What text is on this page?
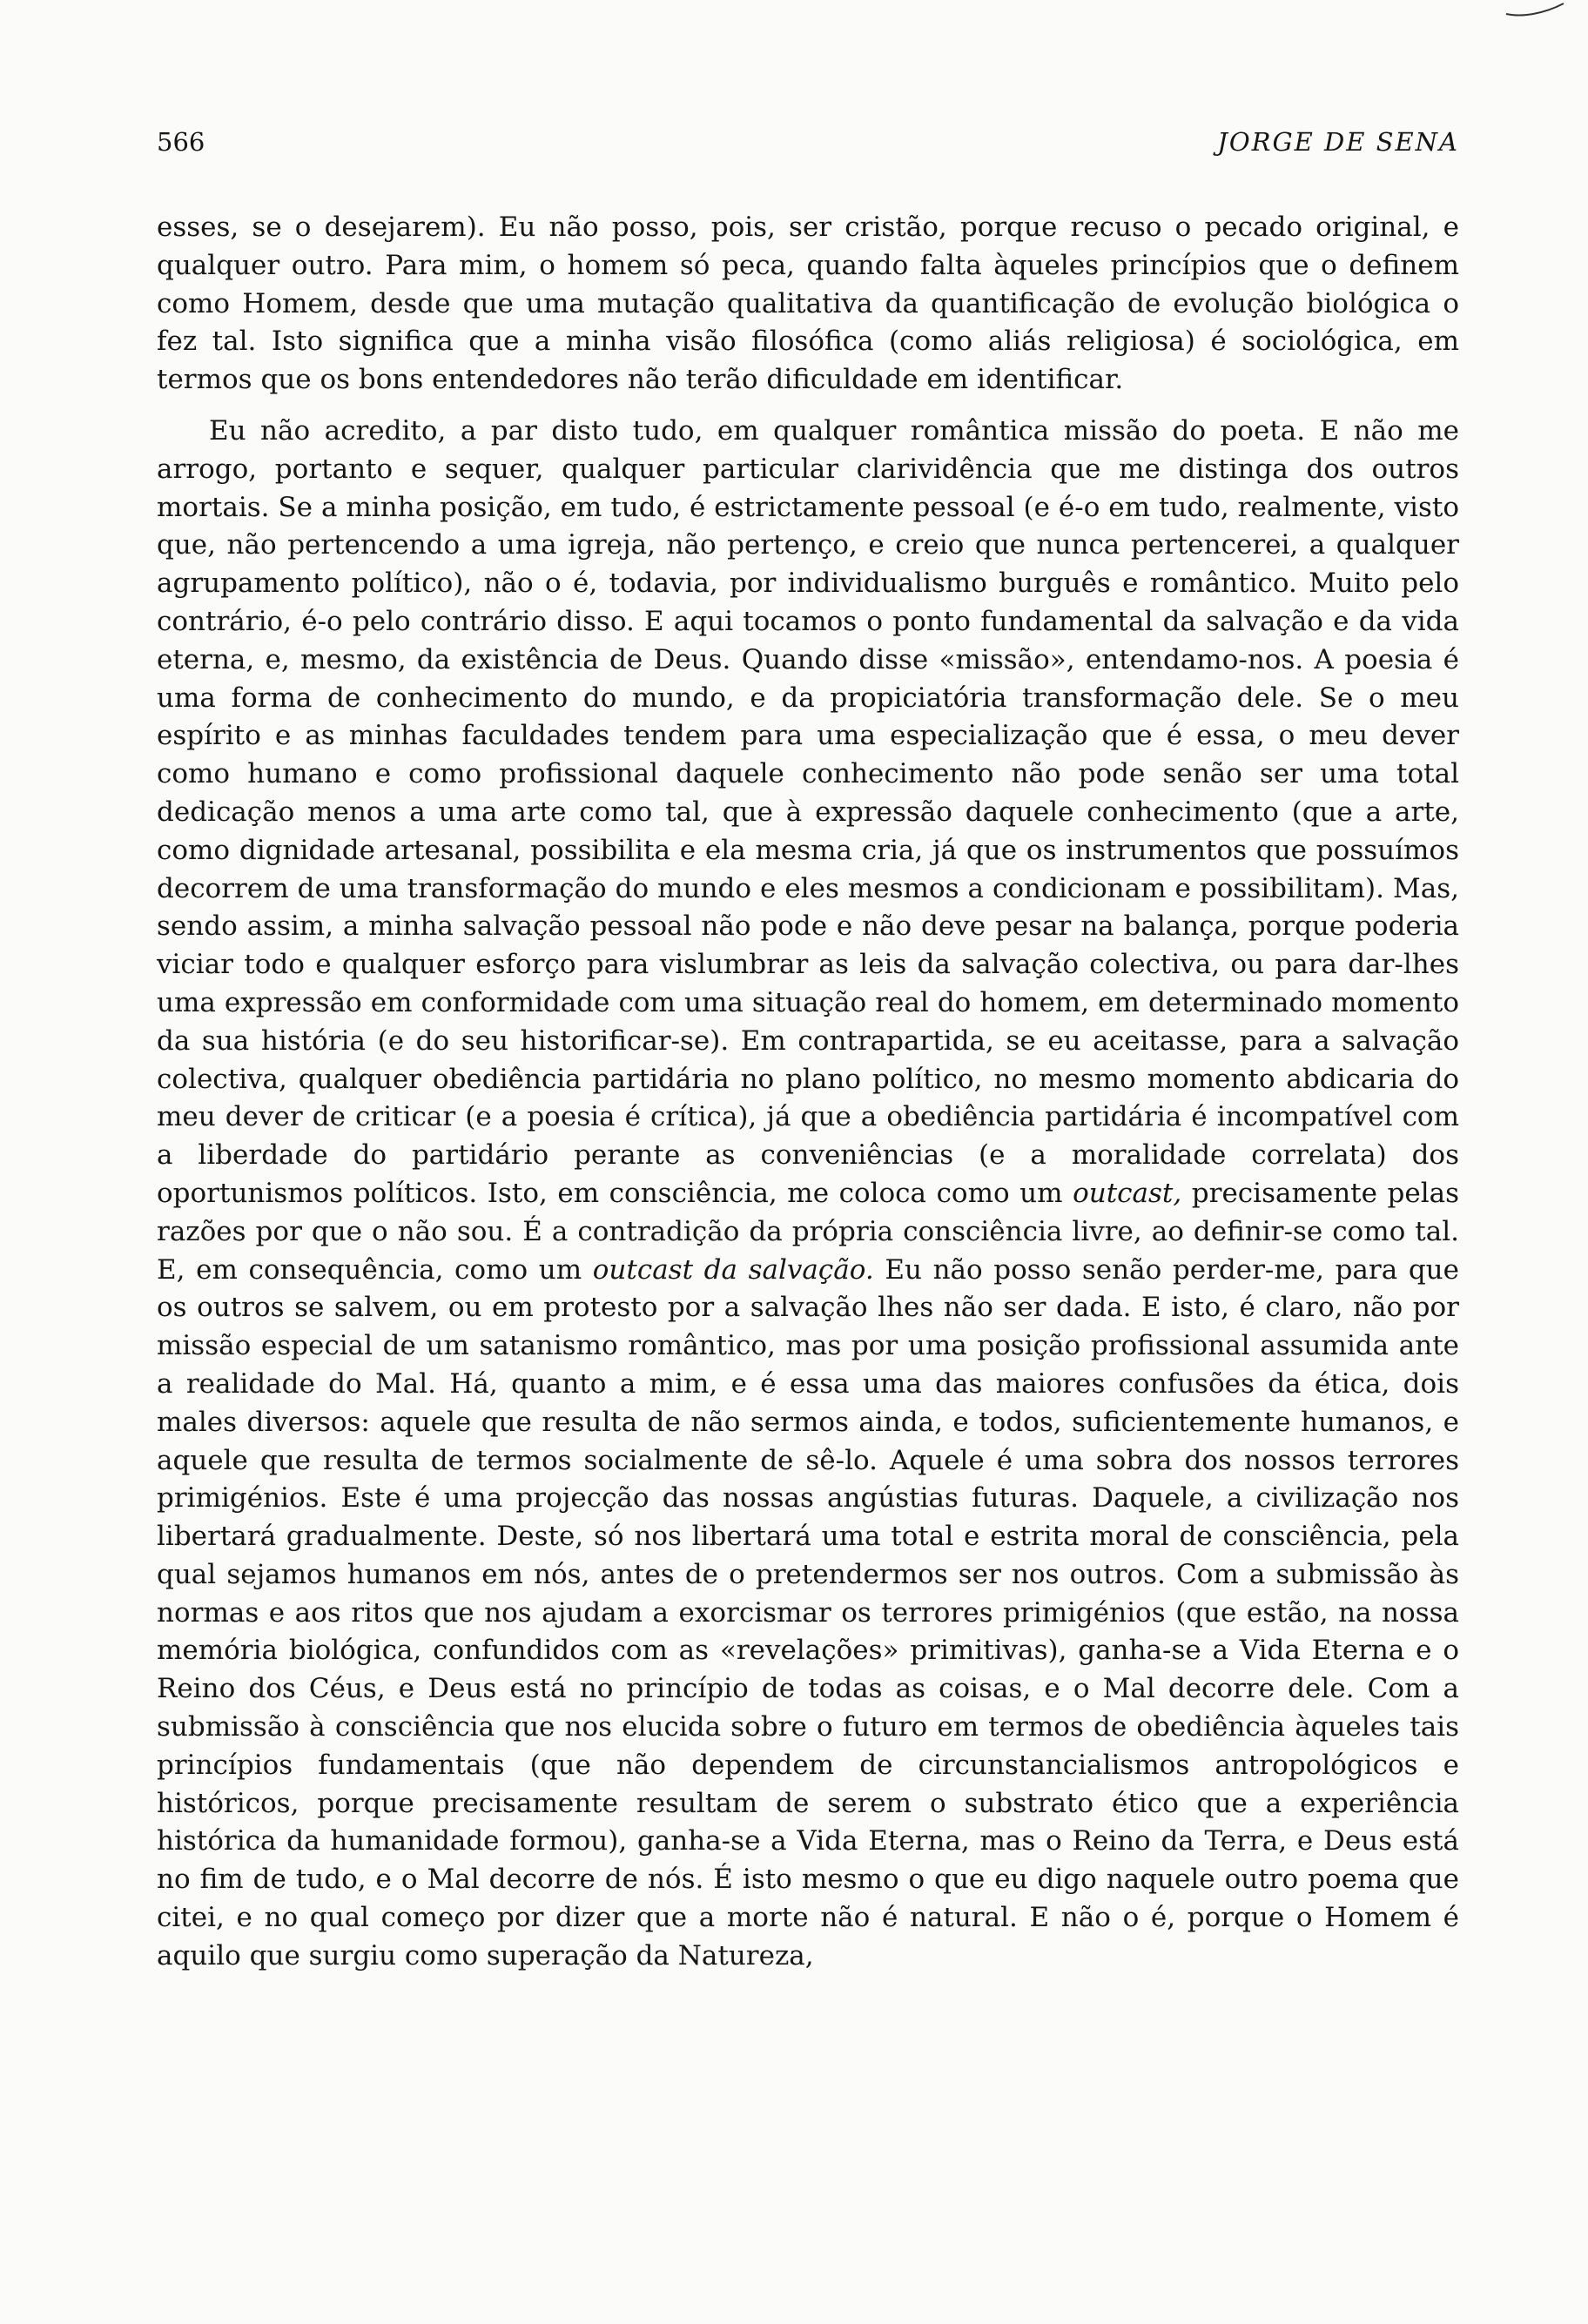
566	JORGE DE SENA

esses, se o desejarem). Eu não posso, pois, ser cristão, porque recuso o pecado original, e qualquer outro. Para mim, o homem só peca, quando falta àqueles princípios que o definem como Homem, desde que uma mutação qualitativa da quantificação de evolução biológica o fez tal. Isto significa que a minha visão filosófica (como aliás religiosa) é sociológica, em termos que os bons entendedores não terão dificuldade em identificar.

Eu não acredito, a par disto tudo, em qualquer romântica missão do poeta. E não me arrogo, portanto e sequer, qualquer particular clarividência que me distinga dos outros mortais. Se a minha posição, em tudo, é estrictamente pessoal (e é-o em tudo, realmente, visto que, não pertencendo a uma igreja, não pertenço, e creio que nunca pertencerei, a qualquer agrupamento político), não o é, todavia, por individualismo burguês e romântico. Muito pelo contrário, é-o pelo contrário disso. E aqui tocamos o ponto fundamental da salvação e da vida eterna, e, mesmo, da existência de Deus. Quando disse «missão», entendamo-nos. A poesia é uma forma de conhecimento do mundo, e da propiciatória transformação dele. Se o meu espírito e as minhas faculdades tendem para uma especialização que é essa, o meu dever como humano e como profissional daquele conhecimento não pode senão ser uma total dedicação menos a uma arte como tal, que à expressão daquele conhecimento (que a arte, como dignidade artesanal, possibilita e ela mesma cria, já que os instrumentos que possuímos decorrem de uma transformação do mundo e eles mesmos a condicionam e possibilitam). Mas, sendo assim, a minha salvação pessoal não pode e não deve pesar na balança, porque poderia viciar todo e qualquer esforço para vislumbrar as leis da salvação colectiva, ou para dar-lhes uma expressão em conformidade com uma situação real do homem, em determinado momento da sua história (e do seu historificar-se). Em contrapartida, se eu aceitasse, para a salvação colectiva, qualquer obediência partidária no plano político, no mesmo momento abdicaria do meu dever de criticar (e a poesia é crítica), já que a obediência partidária é incompatível com a liberdade do partidário perante as conveniências (e a moralidade correlata) dos oportunismos políticos. Isto, em consciência, me coloca como um outcast, precisamente pelas razões por que o não sou. É a contradição da própria consciência livre, ao definir-se como tal. E, em consequência, como um outcast da salvação. Eu não posso senão perder-me, para que os outros se salvem, ou em protesto por a salvação lhes não ser dada. E isto, é claro, não por missão especial de um satanismo romântico, mas por uma posição profissional assumida ante a realidade do Mal. Há, quanto a mim, e é essa uma das maiores confusões da ética, dois males diversos: aquele que resulta de não sermos ainda, e todos, suficientemente humanos, e aquele que resulta de termos socialmente de sê-lo. Aquele é uma sobra dos nossos terrores primigénios. Este é uma projecção das nossas angústias futuras. Daquele, a civilização nos libertará gradualmente. Deste, só nos libertará uma total e estrita moral de consciência, pela qual sejamos humanos em nós, antes de o pretendermos ser nos outros. Com a submissão às normas e aos ritos que nos ajudam a exorcismar os terrores primigénios (que estão, na nossa memória biológica, confundidos com as «revelações» primitivas), ganha-se a Vida Eterna e o Reino dos Céus, e Deus está no princípio de todas as coisas, e o Mal decorre dele. Com a submissão à consciência que nos elucida sobre o futuro em termos de obediência àqueles tais princípios fundamentais (que não dependem de circunstancialismos antropológicos e históricos, porque precisamente resultam de serem o substrato ético que a experiência histórica da humanidade formou), ganha-se a Vida Eterna, mas o Reino da Terra, e Deus está no fim de tudo, e o Mal decorre de nós. É isto mesmo o que eu digo naquele outro poema que citei, e no qual começo por dizer que a morte não é natural. E não o é, porque o Homem é aquilo que surgiu como superação da Natureza,
